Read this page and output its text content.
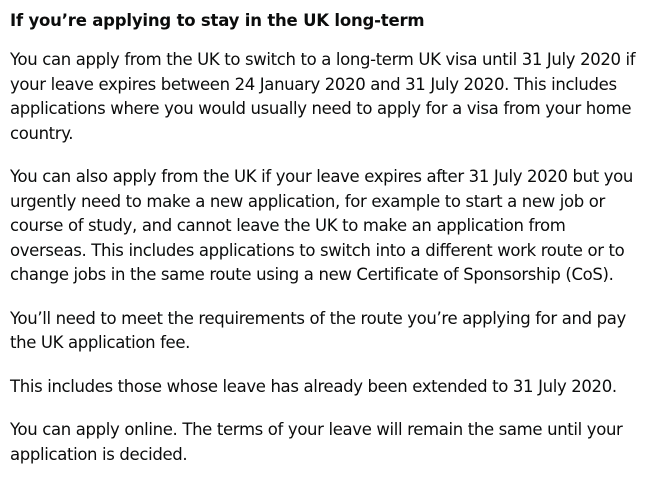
If you’re applying to stay in the UK long-term

You can apply from the UK to switch to a long-term UK visa until 31 July 2020 if your leave expires between 24 January 2020 and 31 July 2020. This includes applications where you would usually need to apply for a visa from your home country.

You can also apply from the UK if your leave expires after 31 July 2020 but you urgently need to make a new application, for example to start a new job or course of study, and cannot leave the UK to make an application from overseas. This includes applications to switch into a different work route or to change jobs in the same route using a new Certificate of Sponsorship (CoS).

You’ll need to meet the requirements of the route you’re applying for and pay the UK application fee.

This includes those whose leave has already been extended to 31 July 2020.

You can apply online. The terms of your leave will remain the same until your application is decided.
